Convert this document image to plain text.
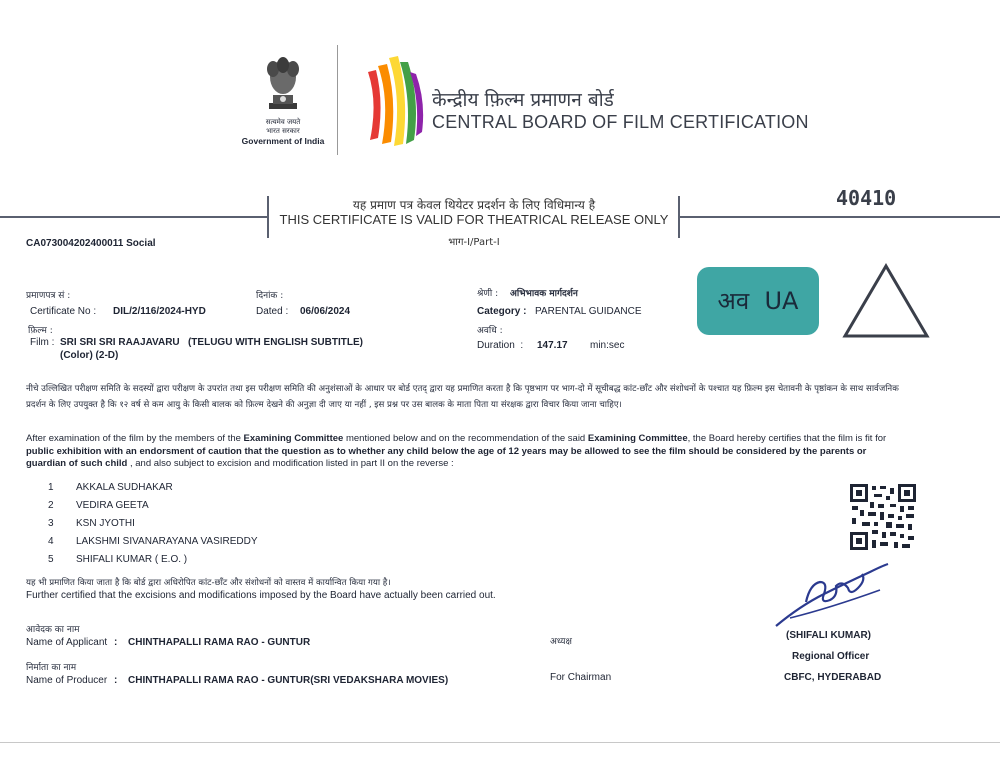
सत्यमेव जयते
भारत सरकार
Government of India
केन्द्रीय फ़िल्म प्रमाणन बोर्ड
CENTRAL BOARD OF FILM CERTIFICATION
यह प्रमाण पत्र केवल थियेटर प्रदर्शन के लिए विधिमान्य है
THIS CERTIFICATE IS VALID FOR THEATRICAL RELEASE ONLY
भाग-I/Part-I
40410
CA073004202400011 Social
प्रमाणपत्र सं :
Certificate No : DIL/2/116/2024-HYD
दिनांक :
Dated : 06/06/2024
श्रेणी : अभिभावक मार्गदर्शन
Category : PARENTAL GUIDANCE	अव  UA
फ़िल्म :
Film : SRI SRI SRI RAAJAVARU   (TELUGU WITH ENGLISH SUBTITLE)
(Color) (2-D)
अवधि :
Duration  : 147.17 min:sec
नीचे उल्लिखित परीक्षण समिति के सदस्यों द्वारा परीक्षण के उपरांत तथा इस परीक्षण समिति की अनुशंसाओं के आधार पर बोर्ड एतद् द्वारा यह प्रमाणित करता है कि पृष्ठभाग पर भाग-दो में सूचीबद्ध कांट-छाँट और संशोधनों के पश्चात यह फ़िल्म इस चेतावनी के पृष्ठांकन के साथ सार्वजनिक प्रदर्शन के लिए उपयुक्त है कि १२ वर्ष से कम आयु के किसी बालक को फ़िल्म देखने की अनुज्ञा दी जाए या नहीं , इस प्रश्न पर उस बालक के माता पिता या संरक्षक द्वारा विचार किया जाना चाहिए।
After examination of the film by the members of the Examining Committee mentioned below and on the recommendation of the said Examining Committee, the Board hereby certifies that the film is fit for public exhibition with an endorsment of caution that the question as to whether any child below the age of 12 years may be allowed to see the film should be considered by the parents or guardian of such child , and also subject to excision and modification listed in part II on the reverse :
1 AKKALA SUDHAKAR
2 VEDIRA GEETA
3 KSN JYOTHI
4 LAKSHMI SIVANARAYANA VASIREDDY
5 SHIFALI KUMAR ( E.O. )
यह भी प्रमाणित किया जाता है कि बोर्ड द्वारा अधिरोपित कांट-छाँट और संशोधनों को वास्तव में कार्यान्वित किया गया है।
Further certified that the excisions and modifications imposed by the Board have actually been carried out.
(SHIFALI KUMAR)
Regional Officer
CBFC, HYDERABAD
आवेदक का नाम
Name of Applicant : CHINTHAPALLI RAMA RAO - GUNTUR	अध्यक्ष
निर्माता का नाम
Name of Producer : CHINTHAPALLI RAMA RAO - GUNTUR(SRI VEDAKSHARA MOVIES)	For Chairman
